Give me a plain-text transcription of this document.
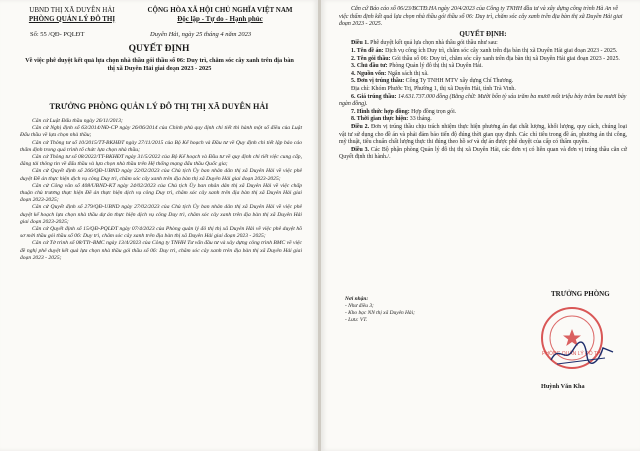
UBND THỊ XÃ DUYÊN HẢI

PHÒNG QUẢN LÝ ĐÔ THỊ

CỘNG HÒA XÃ HỘI CHỦ NGHĨA VIỆT NAM

Độc lập - Tự do - Hạnh phúc

Số: 55 /QĐ- PQLĐT	Duyên Hải, ngày 25 tháng 4 năm 2023

QUYẾT ĐỊNH

Về việc phê duyệt kết quả lựa chọn nhà thầu gói thầu số 06: Duy trì, chăm sóc cây xanh trên địa bàn thị xã Duyên Hải giai đoạn 2023 - 2025

TRƯỞNG PHÒNG QUẢN LÝ ĐÔ THỊ THỊ XÃ DUYÊN HẢI

Căn cứ Luật Đấu thầu ngày 26/11/2013;

Căn cứ Nghị định số 63/2014/NĐ-CP ngày 26/06/2014 của Chính phủ quy định chi tiết thi hành một số điều của Luật Đấu thầu về lựa chọn nhà thầu;

Căn cứ Thông tư số 10/2015/TT-BKHĐT ngày 27/11/2015 của Bộ Kế hoạch và Đầu tư về Quy định chi tiết lập báo cáo thẩm định trong quá trình tổ chức lựa chọn nhà thầu;

Căn cứ Thông tư số 08/2022/TT-BKHĐT ngày 31/5/2022 của Bộ Kế hoạch và Đầu tư về quy định chi tiết việc cung cấp, đăng tải thông tin về đấu thầu và lựa chọn nhà thầu trên Hệ thống mạng đấu thầu Quốc gia;

Căn cứ Quyết định số 266/QĐ-UBND ngày 22/02/2023 của Chủ tịch Ủy ban nhân dân thị xã Duyên Hải về việc phê duyệt Đề án thực hiện dịch vụ công Duy trì, chăm sóc cây xanh trên địa bàn thị xã Duyên Hải giai đoạn 2023-2025;

Căn cứ Công văn số 408/UBND-KT ngày 24/02/2023 của Chủ tịch Ủy ban nhân dân thị xã Duyên Hải về việc chấp thuận chủ trương thực hiện Đề án thực hiện dịch vụ công Duy trì, chăm sóc cây xanh trên địa bàn thị xã Duyên Hải giai đoạn 2023-2025;

Căn cứ Quyết định số 279/QĐ-UBND ngày 27/02/2023 của Chủ tịch Ủy ban nhân dân thị xã Duyên Hải về việc phê duyệt kế hoạch lựa chọn nhà thầu dự án thực hiện dịch vụ công Duy trì, chăm sóc cây xanh trên địa bàn thị xã Duyên Hải giai đoạn 2023-2025;

Căn cứ Quyết định số 15/QĐ-PQLĐT ngày 07/4/2023 của Phòng quản lý đô thị thị xã Duyên Hải về việc phê duyệt hồ sơ mời thầu gói thầu số 06: Duy trì, chăm sóc cây xanh trên địa bàn thị xã Duyên Hải giai đoạn 2023 - 2025;

Căn cứ Tờ trình số 08/TTr-BMC ngày 13/4/2023 của Công ty TNHH Tư vấn đầu tư và xây dựng công trình BMC về việc đề nghị phê duyệt kết quả lựa chọn nhà thầu gói thầu số 06: Duy trì, chăm sóc cây xanh trên địa bàn thị xã Duyên Hải giai đoạn 2023 - 2025;

Căn cứ Báo cáo số 06/23/BCTĐ.HA ngày 20/4/2023 của Công ty TNHH đầu tư và xây dựng công trình Hà An về việc thẩm định kết quả lựa chọn nhà thầu gói thầu số 06: Duy trì, chăm sóc cây xanh trên địa bàn thị xã Duyên Hải giai đoạn 2023 - 2025.

QUYẾT ĐỊNH:

Điều 1. Phê duyệt kết quả lựa chọn nhà thầu gói thầu như sau:

1. Tên đề án: Dịch vụ công ích Duy trì, chăm sóc cây xanh trên địa bàn thị xã Duyên Hải giai đoạn 2023 - 2025.

2. Tên gói thầu: Gói thầu số 06: Duy trì, chăm sóc cây xanh trên địa bàn thị xã Duyên Hải giai đoạn 2023 - 2025.

3. Chủ đầu tư: Phòng Quản lý đô thị thị xã Duyên Hải.

4. Nguồn vốn: Ngân sách thị xã.

5. Đơn vị trúng thầu: Công Ty TNHH MTV xây dựng Chí Thương.

Địa chỉ: Khóm Phước Trị, Phường 1, thị xã Duyên Hải, tỉnh Trà Vinh.

6. Giá trúng thầu: 14.631.737.000 đồng (Bằng chữ: Mười bốn tỷ sáu trăm ba mươi mốt triệu bảy trăm ba mươi bảy ngàn đồng).

7. Hình thức hợp đồng: Hợp đồng trọn gói.

8. Thời gian thực hiện: 33 tháng.

Điều 2. Đơn vị trúng thầu chịu trách nhiệm thực hiện phương án đạt chất lượng, khối lượng, quy cách, chúng loại vật tư sử dụng cho đề án và phải đảm bảo tiến độ đúng thời gian quy định. Các chỉ tiêu trong đề án, phương án thi công, mỹ thuật, tiêu chuẩn chất lượng thực thi đúng theo hồ sơ và dự án được phê duyệt của cấp có thẩm quyền.

Điều 3. Các Bộ phận phòng Quản lý đô thị thị xã Duyên Hải, các đơn vị có liên quan và đơn vị trúng thầu căn cứ Quyết định thi hành./.

Nơi nhận:

- Như điều 3;

- Kho bạc NN thị xã Duyên Hải;

- Lưu: VT.

TRƯỞNG PHÒNG

PHÒNG QUẢN LÝ ĐÔ THỊ

Huỳnh Văn Kha
